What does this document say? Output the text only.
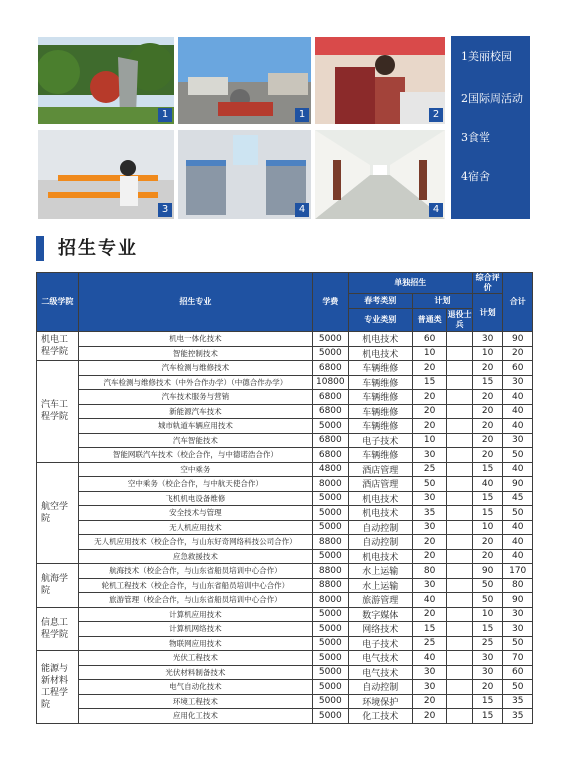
1	1	2
3	4	4
1美丽校园
2国际周活动
3食堂
4宿舍
招生专业
二级学院	招生专业	学费	单独招生			综合评价	合计
			春考类别	计划		计划	
			专业类别	普通类	退役士兵		

机电工
程学院	机电一体化技术	5000	机电技术	60		30	90
	智能控制技术	5000	机电技术	10		10	20

汽车工
程学院	汽车检测与维修技术	6800	车辆维修	20		20	60
	汽车检测与维修技术（中外合作办学）（中德合作办学）	10800	车辆维修	15		15	30
	汽车技术服务与营销	6800	车辆维修	20		20	40
	新能源汽车技术	6800	车辆维修	20		20	40
	城市轨道车辆应用技术	5000	车辆维修	20		20	40
	汽车智能技术	6800	电子技术	10		20	30
	智能网联汽车技术（校企合作，与中德诺浩合作）	6800	车辆维修	30		20	50

航空学
院	空中乘务	4800	酒店管理	25		15	40
	空中乘务（校企合作，与中航天使合作）	8000	酒店管理	50		40	90
	飞机机电设备维修	5000	机电技术	30		15	45
	安全技术与管理	5000	机电技术	35		15	50
	无人机应用技术	5000	自动控制	30		10	40
	无人机应用技术（校企合作，与山东好奇网络科技公司合作）	8800	自动控制	20		20	40
	应急救援技术	5000	机电技术	20		20	40

航海学
院	航海技术（校企合作，与山东省船员培训中心合作）	8800	水上运输	80		90	170
	轮机工程技术（校企合作，与山东省船员培训中心合作）	8800	水上运输	30		50	80
	旅游管理（校企合作，与山东省船员培训中心合作）	8000	旅游管理	40		50	90

信息工
程学院	计算机应用技术	5000	数字媒体	20		10	30
	计算机网络技术	5000	网络技术	15		15	30
	物联网应用技术	5000	电子技术	25		25	50

能源与
新材料
工程学
院	光伏工程技术	5000	电气技术	40		30	70
	光伏材料制备技术	5000	电气技术	30		30	60
	电气自动化技术	5000	自动控制	30		20	50
	环境工程技术	5000	环境保护	20		15	35
	应用化工技术	5000	化工技术	20		15	35
